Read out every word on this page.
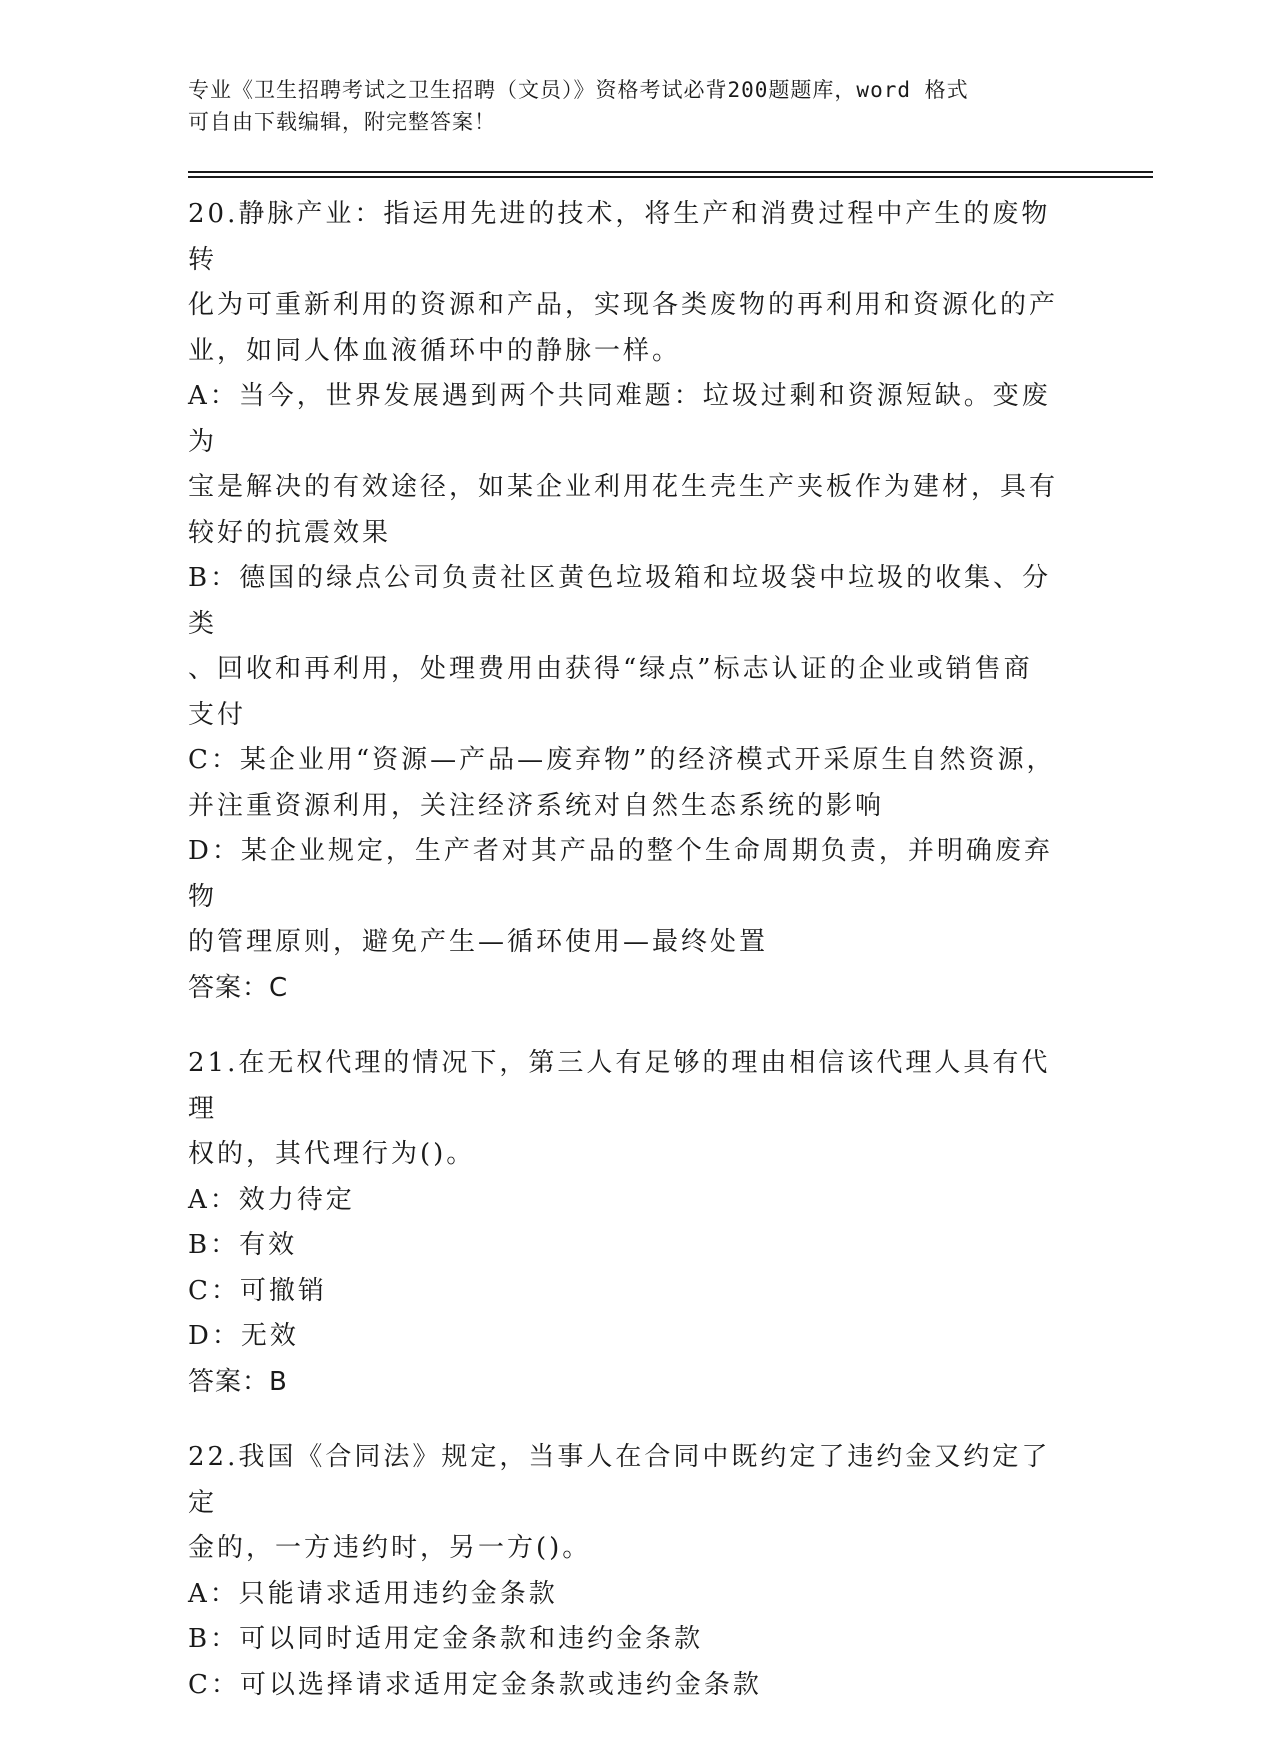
专业《卫生招聘考试之卫生招聘（文员）》资格考试必背200题题库，word 格式
可自由下载编辑，附完整答案！

20.静脉产业：指运用先进的技术，将生产和消费过程中产生的废物转

化为可重新利用的资源和产品，实现各类废物的再利用和资源化的产

业，如同人体血液循环中的静脉一样。

A：当今，世界发展遇到两个共同难题：垃圾过剩和资源短缺。变废为

宝是解决的有效途径，如某企业利用花生壳生产夹板作为建材，具有

较好的抗震效果

B：德国的绿点公司负责社区黄色垃圾箱和垃圾袋中垃圾的收集、分类

、回收和再利用，处理费用由获得“绿点”标志认证的企业或销售商

支付

C：某企业用“资源—产品—废弃物”的经济模式开采原生自然资源，

并注重资源利用，关注经济系统对自然生态系统的影响

D：某企业规定，生产者对其产品的整个生命周期负责，并明确废弃物

的管理原则，避免产生—循环使用—最终处置

答案：C

21.在无权代理的情况下，第三人有足够的理由相信该代理人具有代理

权的，其代理行为()。

A：效力待定

B：有效

C：可撤销

D：无效

答案：B

22.我国《合同法》规定，当事人在合同中既约定了违约金又约定了定

金的，一方违约时，另一方()。

A：只能请求适用违约金条款

B：可以同时适用定金条款和违约金条款

C：可以选择请求适用定金条款或违约金条款
